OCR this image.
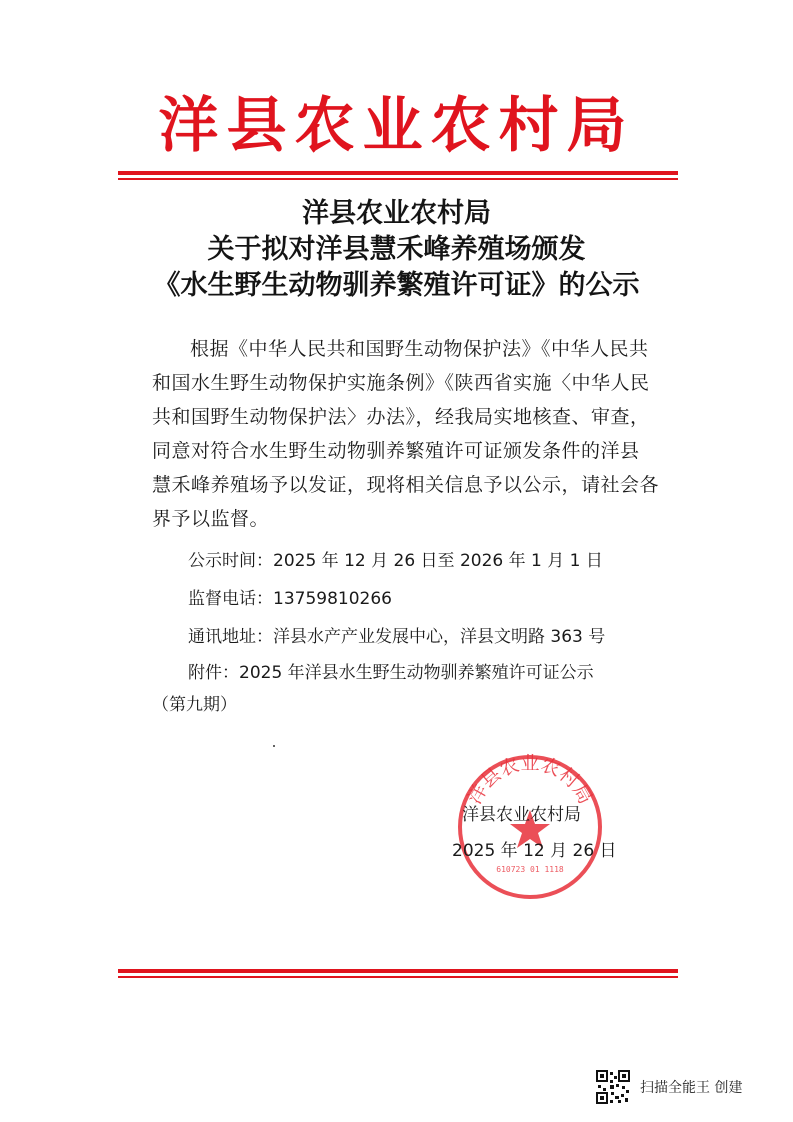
洋县农业农村局
洋县农业农村局
关于拟对洋县慧禾峰养殖场颁发
《水生野生动物驯养繁殖许可证》的公示
根据《中华人民共和国野生动物保护法》《中华人民共
和国水生野生动物保护实施条例》《陕西省实施〈中华人民
共和国野生动物保护法〉办法》，经我局实地核查、审查，
同意对符合水生野生动物驯养繁殖许可证颁发条件的洋县
慧禾峰养殖场予以发证，现将相关信息予以公示，请社会各
界予以监督。
公示时间：2025 年 12 月 26 日至 2026 年 1 月 1 日
监督电话：13759810266
通讯地址：洋县水产产业发展中心，洋县文明路 363 号
附件：2025 年洋县水生野生动物驯养繁殖许可证公示
（第九期）
洋县农业农村局
610723 01 1118
洋县农业农村局
2025 年 12 月 26 日
扫描全能王 创建
